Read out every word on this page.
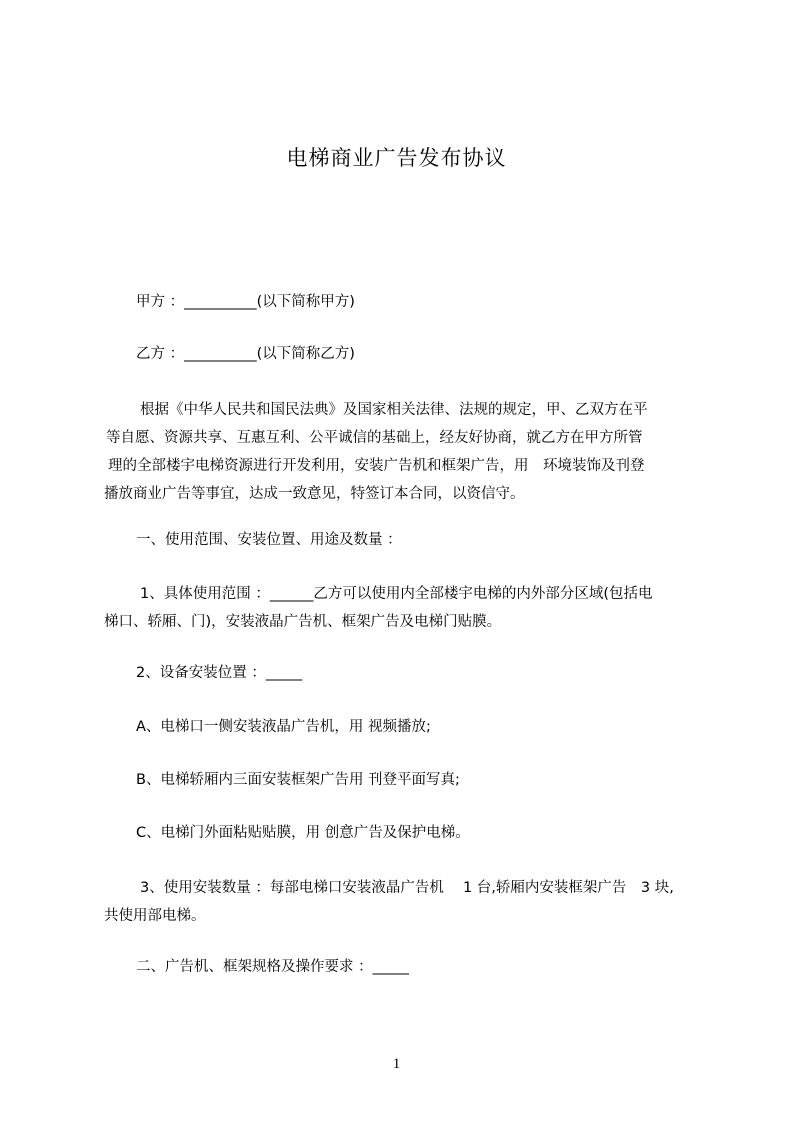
电梯商业广告发布协议

甲方 ：__________(以下简称甲方)

乙方 ：__________(以下简称乙方)

根据《中华人民共和国民法典》及国家相关法律、法规的规定，甲、乙双方在平
等自愿、资源共享、互惠互利、公平诚信的基础上，经友好协商，就乙方在甲方所管
理的全部楼宇电梯资源进行开发利用，安装广告机和框架广告，用　环境装饰及刊登
播放商业广告等事宜，达成一致意见，特签订本合同，以资信守。

一、使用范围、安装位置、用途及数量 ：

1、具体使用范围 ：______乙方可以使用内全部楼宇电梯的内外部分区域(包括电
梯口、轿厢、门)，安装液晶广告机、框架广告及电梯门贴膜。

2、设备安装位置 ：_____

A、电梯口一侧安装液晶广告机，用 视频播放;

B、电梯轿厢内三面安装框架广告用 刊登平面写真;

C、电梯门外面粘贴贴膜，用 创意广告及保护电梯。

3、使用安装数量 ：每部电梯口安装液晶广告机　 1 台,轿厢内安装框架广告　3 块,
共使用部电梯。

二、广告机、框架规格及操作要求 ：_____

1
